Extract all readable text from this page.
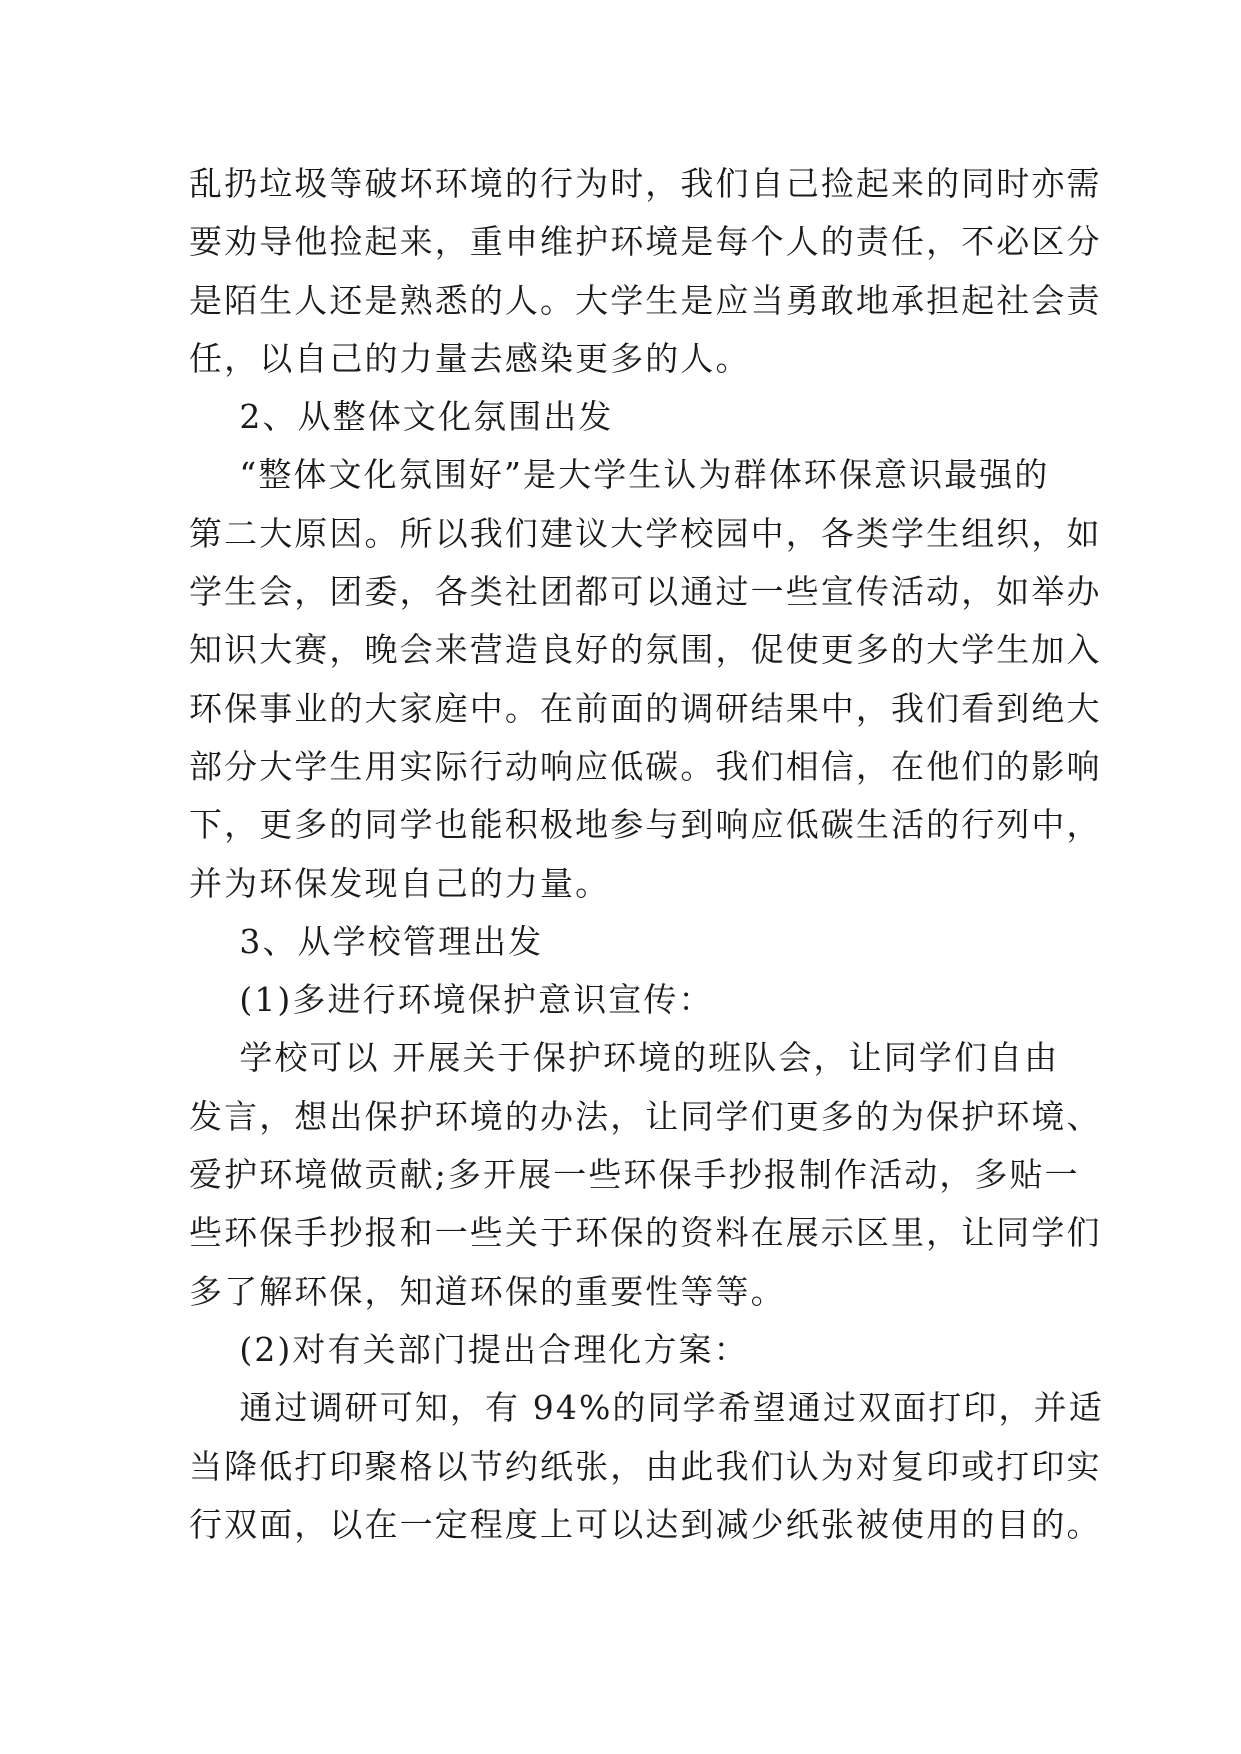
乱扔垃圾等破坏环境的行为时，我们自己捡起来的同时亦需
要劝导他捡起来，重申维护环境是每个人的责任，不必区分
是陌生人还是熟悉的人。大学生是应当勇敢地承担起社会责
任，以自己的力量去感染更多的人。
2、从整体文化氛围出发
“整体文化氛围好”是大学生认为群体环保意识最强的
第二大原因。所以我们建议大学校园中，各类学生组织，如
学生会，团委，各类社团都可以通过一些宣传活动，如举办
知识大赛，晚会来营造良好的氛围，促使更多的大学生加入
环保事业的大家庭中。在前面的调研结果中，我们看到绝大
部分大学生用实际行动响应低碳。我们相信，在他们的影响
下，更多的同学也能积极地参与到响应低碳生活的行列中，
并为环保发现自己的力量。
3、从学校管理出发
(1)多进行环境保护意识宣传：
学校可以 开展关于保护环境的班队会，让同学们自由
发言，想出保护环境的办法，让同学们更多的为保护环境、
爱护环境做贡献;多开展一些环保手抄报制作活动，多贴一
些环保手抄报和一些关于环保的资料在展示区里，让同学们
多了解环保，知道环保的重要性等等。
(2)对有关部门提出合理化方案：
通过调研可知，有 94%的同学希望通过双面打印，并适
当降低打印聚格以节约纸张，由此我们认为对复印或打印实
行双面，以在一定程度上可以达到减少纸张被使用的目的。
